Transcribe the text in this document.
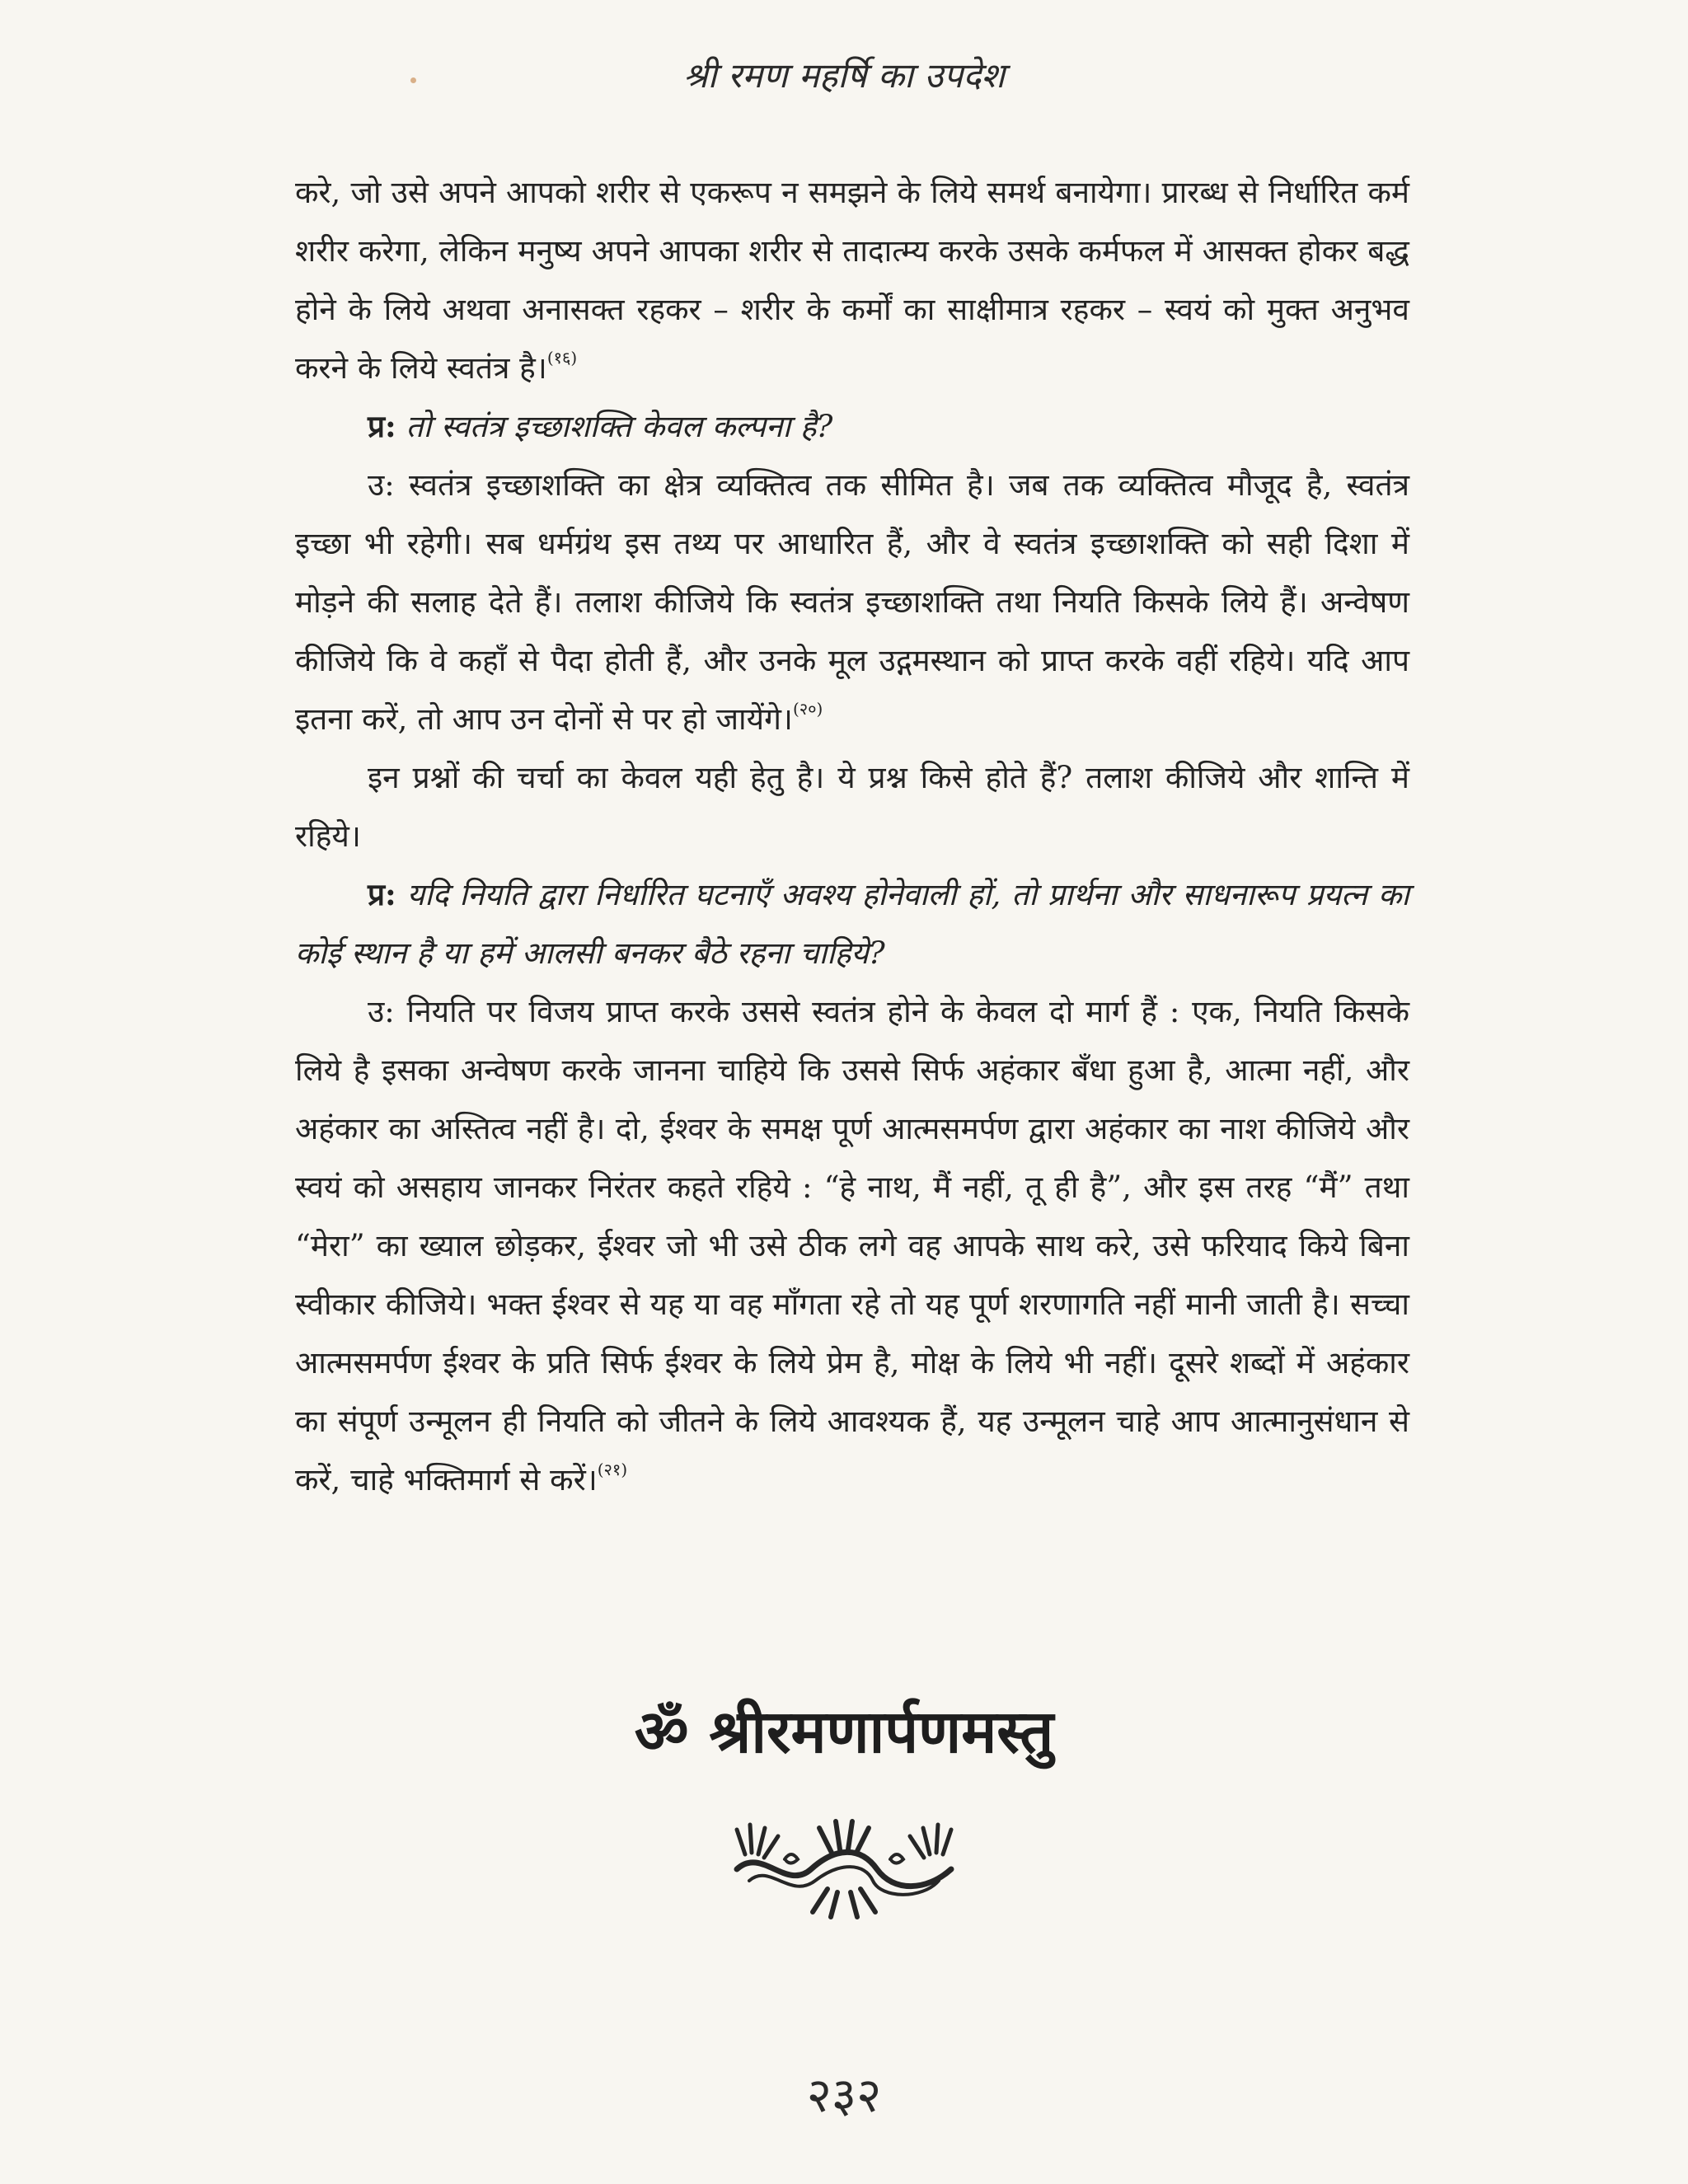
श्री रमण महर्षि का उपदेश

करे, जो उसे अपने आपको शरीर से एकरूप न समझने के लिये समर्थ बनायेगा। प्रारब्ध से निर्धारित कर्म शरीर करेगा, लेकिन मनुष्य अपने आपका शरीर से तादात्म्य करके उसके कर्मफल में आसक्त होकर बद्ध होने के लिये अथवा अनासक्त रहकर – शरीर के कर्मों का साक्षीमात्र रहकर – स्वयं को मुक्त अनुभव करने के लिये स्वतंत्र है।$^{(१६)}$

प्र: तो स्वतंत्र इच्छाशक्ति केवल कल्पना है?

उ: स्वतंत्र इच्छाशक्ति का क्षेत्र व्यक्तित्व तक सीमित है। जब तक व्यक्तित्व मौजूद है, स्वतंत्र इच्छा भी रहेगी। सब धर्मग्रंथ इस तथ्य पर आधारित हैं, और वे स्वतंत्र इच्छाशक्ति को सही दिशा में मोड़ने की सलाह देते हैं। तलाश कीजिये कि स्वतंत्र इच्छाशक्ति तथा नियति किसके लिये हैं। अन्वेषण कीजिये कि वे कहाँ से पैदा होती हैं, और उनके मूल उद्गमस्थान को प्राप्त करके वहीं रहिये। यदि आप इतना करें, तो आप उन दोनों से पर हो जायेंगे।$^{(२०)}$

इन प्रश्नों की चर्चा का केवल यही हेतु है। ये प्रश्न किसे होते हैं? तलाश कीजिये और शान्ति में रहिये।

प्र: यदि नियति द्वारा निर्धारित घटनाएँ अवश्य होनेवाली हों, तो प्रार्थना और साधनारूप प्रयत्न का कोई स्थान है या हमें आलसी बनकर बैठे रहना चाहिये?

उ: नियति पर विजय प्राप्त करके उससे स्वतंत्र होने के केवल दो मार्ग हैं : एक, नियति किसके लिये है इसका अन्वेषण करके जानना चाहिये कि उससे सिर्फ अहंकार बँधा हुआ है, आत्मा नहीं, और अहंकार का अस्तित्व नहीं है। दो, ईश्वर के समक्ष पूर्ण आत्मसमर्पण द्वारा अहंकार का नाश कीजिये और स्वयं को असहाय जानकर निरंतर कहते रहिये : “हे नाथ, मैं नहीं, तू ही है”, और इस तरह “मैं” तथा “मेरा” का ख्याल छोड़कर, ईश्वर जो भी उसे ठीक लगे वह आपके साथ करे, उसे फरियाद किये बिना स्वीकार कीजिये। भक्त ईश्वर से यह या वह माँगता रहे तो यह पूर्ण शरणागति नहीं मानी जाती है। सच्चा आत्मसमर्पण ईश्वर के प्रति सिर्फ ईश्वर के लिये प्रेम है, मोक्ष के लिये भी नहीं। दूसरे शब्दों में अहंकार का संपूर्ण उन्मूलन ही नियति को जीतने के लिये आवश्यक हैं, यह उन्मूलन चाहे आप आत्मानुसंधान से करें, चाहे भक्तिमार्ग से करें।$^{(२१)}$

ॐ श्रीरमणार्पणमस्तु
२३२
